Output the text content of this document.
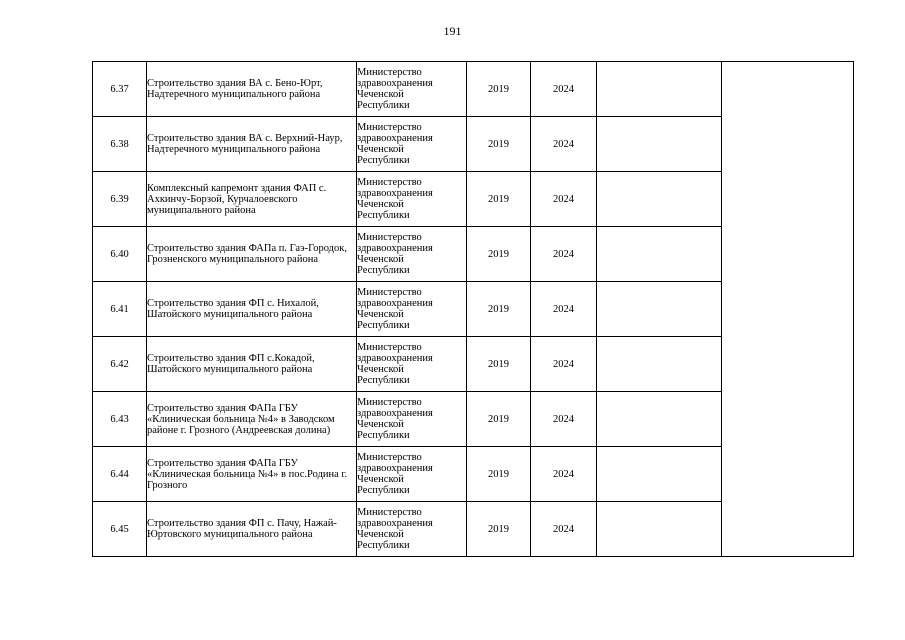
191
6.37	Строительство здания ВА с. Бено-Юрт, Надтеречного муниципального района	Министерство
здравоохранения
Чеченской
Республики	2019	2024		
6.38	Строительство здания ВА с. Верхний-Наур, Надтеречного муниципального района	Министерство
здравоохранения
Чеченской
Республики	2019	2024		
6.39	Комплексный капремонт здания ФАП с. Ахкинчу-Борзой, Курчалоевского муниципального района	Министерство
здравоохранения
Чеченской
Республики	2019	2024		
6.40	Строительство здания ФАПа п. Гаэ-Городок, Грозненского муниципального района	Министерство
здравоохранения
Чеченской
Республики	2019	2024		
6.41	Строительство здания ФП с. Нихалой, Шатойского муниципального района	Министерство
здравоохранения
Чеченской
Республики	2019	2024		
6.42	Строительство здания ФП с.Кокадой, Шатойского муниципального района	Министерство
здравоохранения
Чеченской
Республики	2019	2024		
6.43	Строительство здания ФАПа ГБУ «Клиническая больница №4» в Заводском районе г. Грозного (Андреевская долина)	Министерство
здравоохранения
Чеченской
Республики	2019	2024		
6.44	Строительство здания ФАПа ГБУ «Клиническая больница №4» в пос.Родина г. Грозного	Министерство
здравоохранения
Чеченской
Республики	2019	2024		
6.45	Строительство здания ФП с. Пачу, Нажай-Юртовского муниципального района	Министерство
здравоохранения
Чеченской
Республики	2019	2024		
